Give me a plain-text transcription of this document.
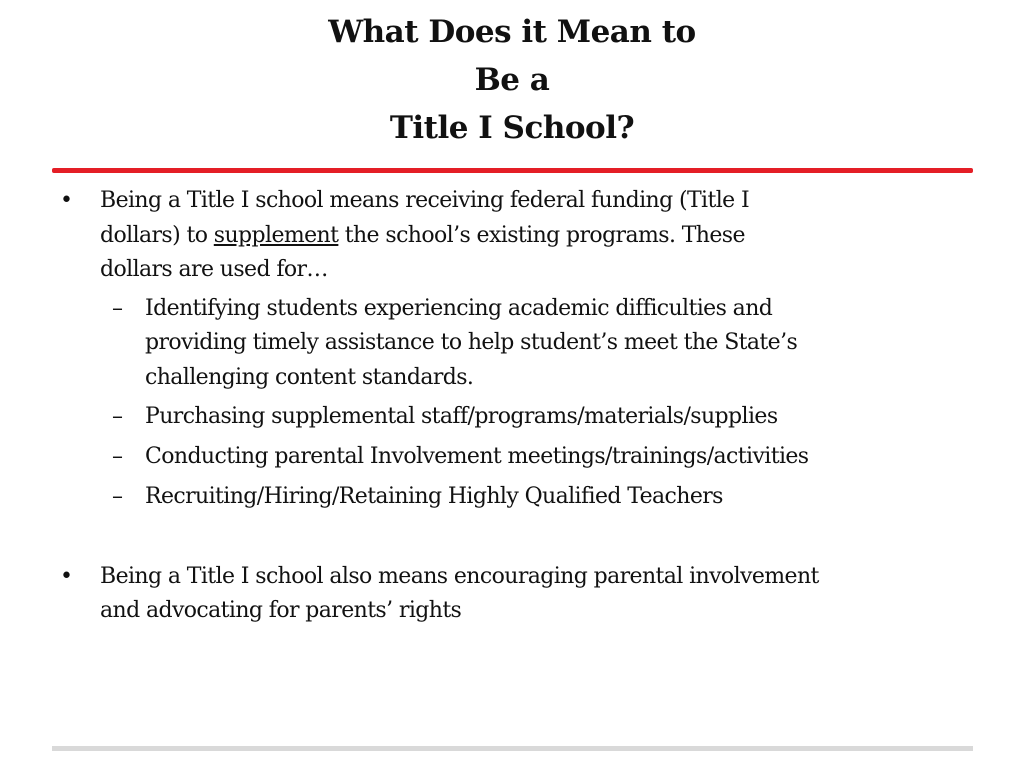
What Does it Mean to
Be a
Title I School?
• Being a Title I school means receiving federal funding (Title I
dollars) to supplement the school’s existing programs. These
dollars are used for…
– Identifying students experiencing academic difficulties and
providing timely assistance to help student’s meet the State’s
challenging content standards.
– Purchasing supplemental staff/programs/materials/supplies
– Conducting parental Involvement meetings/trainings/activities
– Recruiting/Hiring/Retaining Highly Qualified Teachers
• Being a Title I school also means encouraging parental involvement
and advocating for parents’ rights
